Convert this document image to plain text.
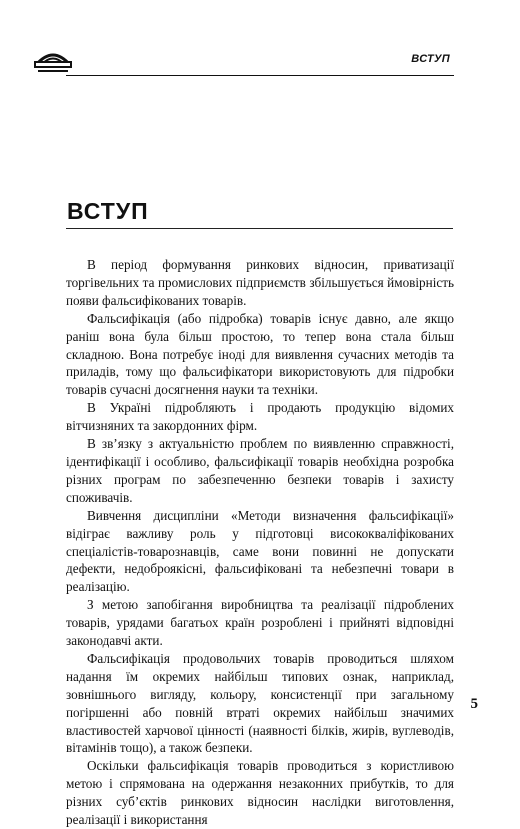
ВСТУП
ВСТУП

В період формування ринкових відносин, приватизації торгівельних та промислових підприємств збільшується ймовірність появи фальсифікованих товарів.

Фальсифікація (або підробка) товарів існує давно, але якщо раніш вона була більш простою, то тепер вона стала більш складною. Вона потребує іноді для виявлення сучасних методів та приладів, тому що фальсифікатори використовують для підробки товарів сучасні досягнення науки та техніки.

В Україні підробляють і продають продукцію відомих вітчизняних та закордонних фірм.

В зв’язку з актуальністю проблем по виявленню справжності, ідентифікації і особливо, фальсифікації товарів необхідна розробка різних програм по забезпеченню безпеки товарів і захисту споживачів.

Вивчення дисципліни «Методи визначення фальсифікації» відіграє важливу роль у підготовці висококваліфікованих спеціалістів-товарознавців, саме вони повинні не допускати дефекти, недоброякісні, фальсифіковані та небезпечні товари в реалізацію.

З метою запобігання виробництва та реалізації підроблених товарів, урядами багатьох країн розроблені і прийняті відповідні законодавчі акти.

Фальсифікація продовольчих товарів проводиться шляхом надання їм окремих найбільш типових ознак, наприклад, зовнішнього вигляду, кольору, консистенції при загальному погіршенні або повній втраті окремих найбільш значимих властивостей харчової цінності (наявності білків, жирів, вуглеводів, вітамінів тощо), а також безпеки.

Оскільки фальсифікація товарів проводиться з користливою метою і спрямована на одержання незаконних прибутків, то для різних суб’єктів ринкових відносин наслідки виготовлення, реалізації і використання

5
